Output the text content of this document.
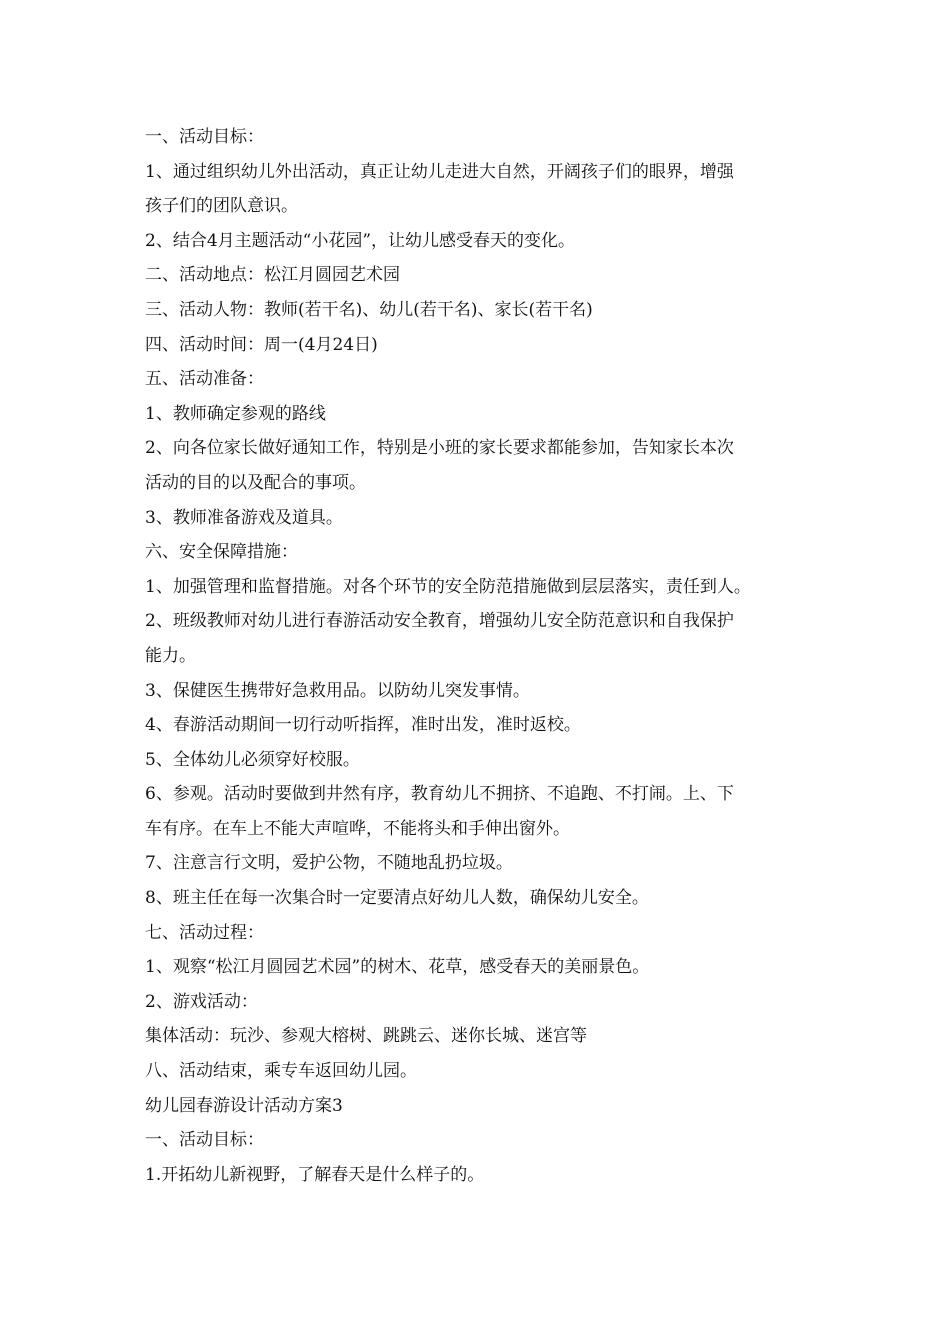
一、活动目标：

1、通过组织幼儿外出活动，真正让幼儿走进大自然，开阔孩子们的眼界，增强

孩子们的团队意识。

2、结合4月主题活动“小花园”，让幼儿感受春天的变化。

二、活动地点：松江月圆园艺术园

三、活动人物：教师(若干名)、幼儿(若干名)、家长(若干名)

四、活动时间：周一(4月24日)

五、活动准备：

1、教师确定参观的路线

2、向各位家长做好通知工作，特别是小班的家长要求都能参加，告知家长本次

活动的目的以及配合的事项。

3、教师准备游戏及道具。

六、安全保障措施：

1、加强管理和监督措施。对各个环节的安全防范措施做到层层落实，责任到人。

2、班级教师对幼儿进行春游活动安全教育，增强幼儿安全防范意识和自我保护

能力。

3、保健医生携带好急救用品。以防幼儿突发事情。

4、春游活动期间一切行动听指挥，准时出发，准时返校。

5、全体幼儿必须穿好校服。

6、参观。活动时要做到井然有序，教育幼儿不拥挤、不追跑、不打闹。上、下

车有序。在车上不能大声喧哗，不能将头和手伸出窗外。

7、注意言行文明，爱护公物，不随地乱扔垃圾。

8、班主任在每一次集合时一定要清点好幼儿人数，确保幼儿安全。

七、活动过程：

1、观察“松江月圆园艺术园”的树木、花草，感受春天的美丽景色。

2、游戏活动：

集体活动：玩沙、参观大榕树、跳跳云、迷你长城、迷宫等

八、活动结束，乘专车返回幼儿园。

幼儿园春游设计活动方案3

一、活动目标：

1.开拓幼儿新视野，了解春天是什么样子的。
